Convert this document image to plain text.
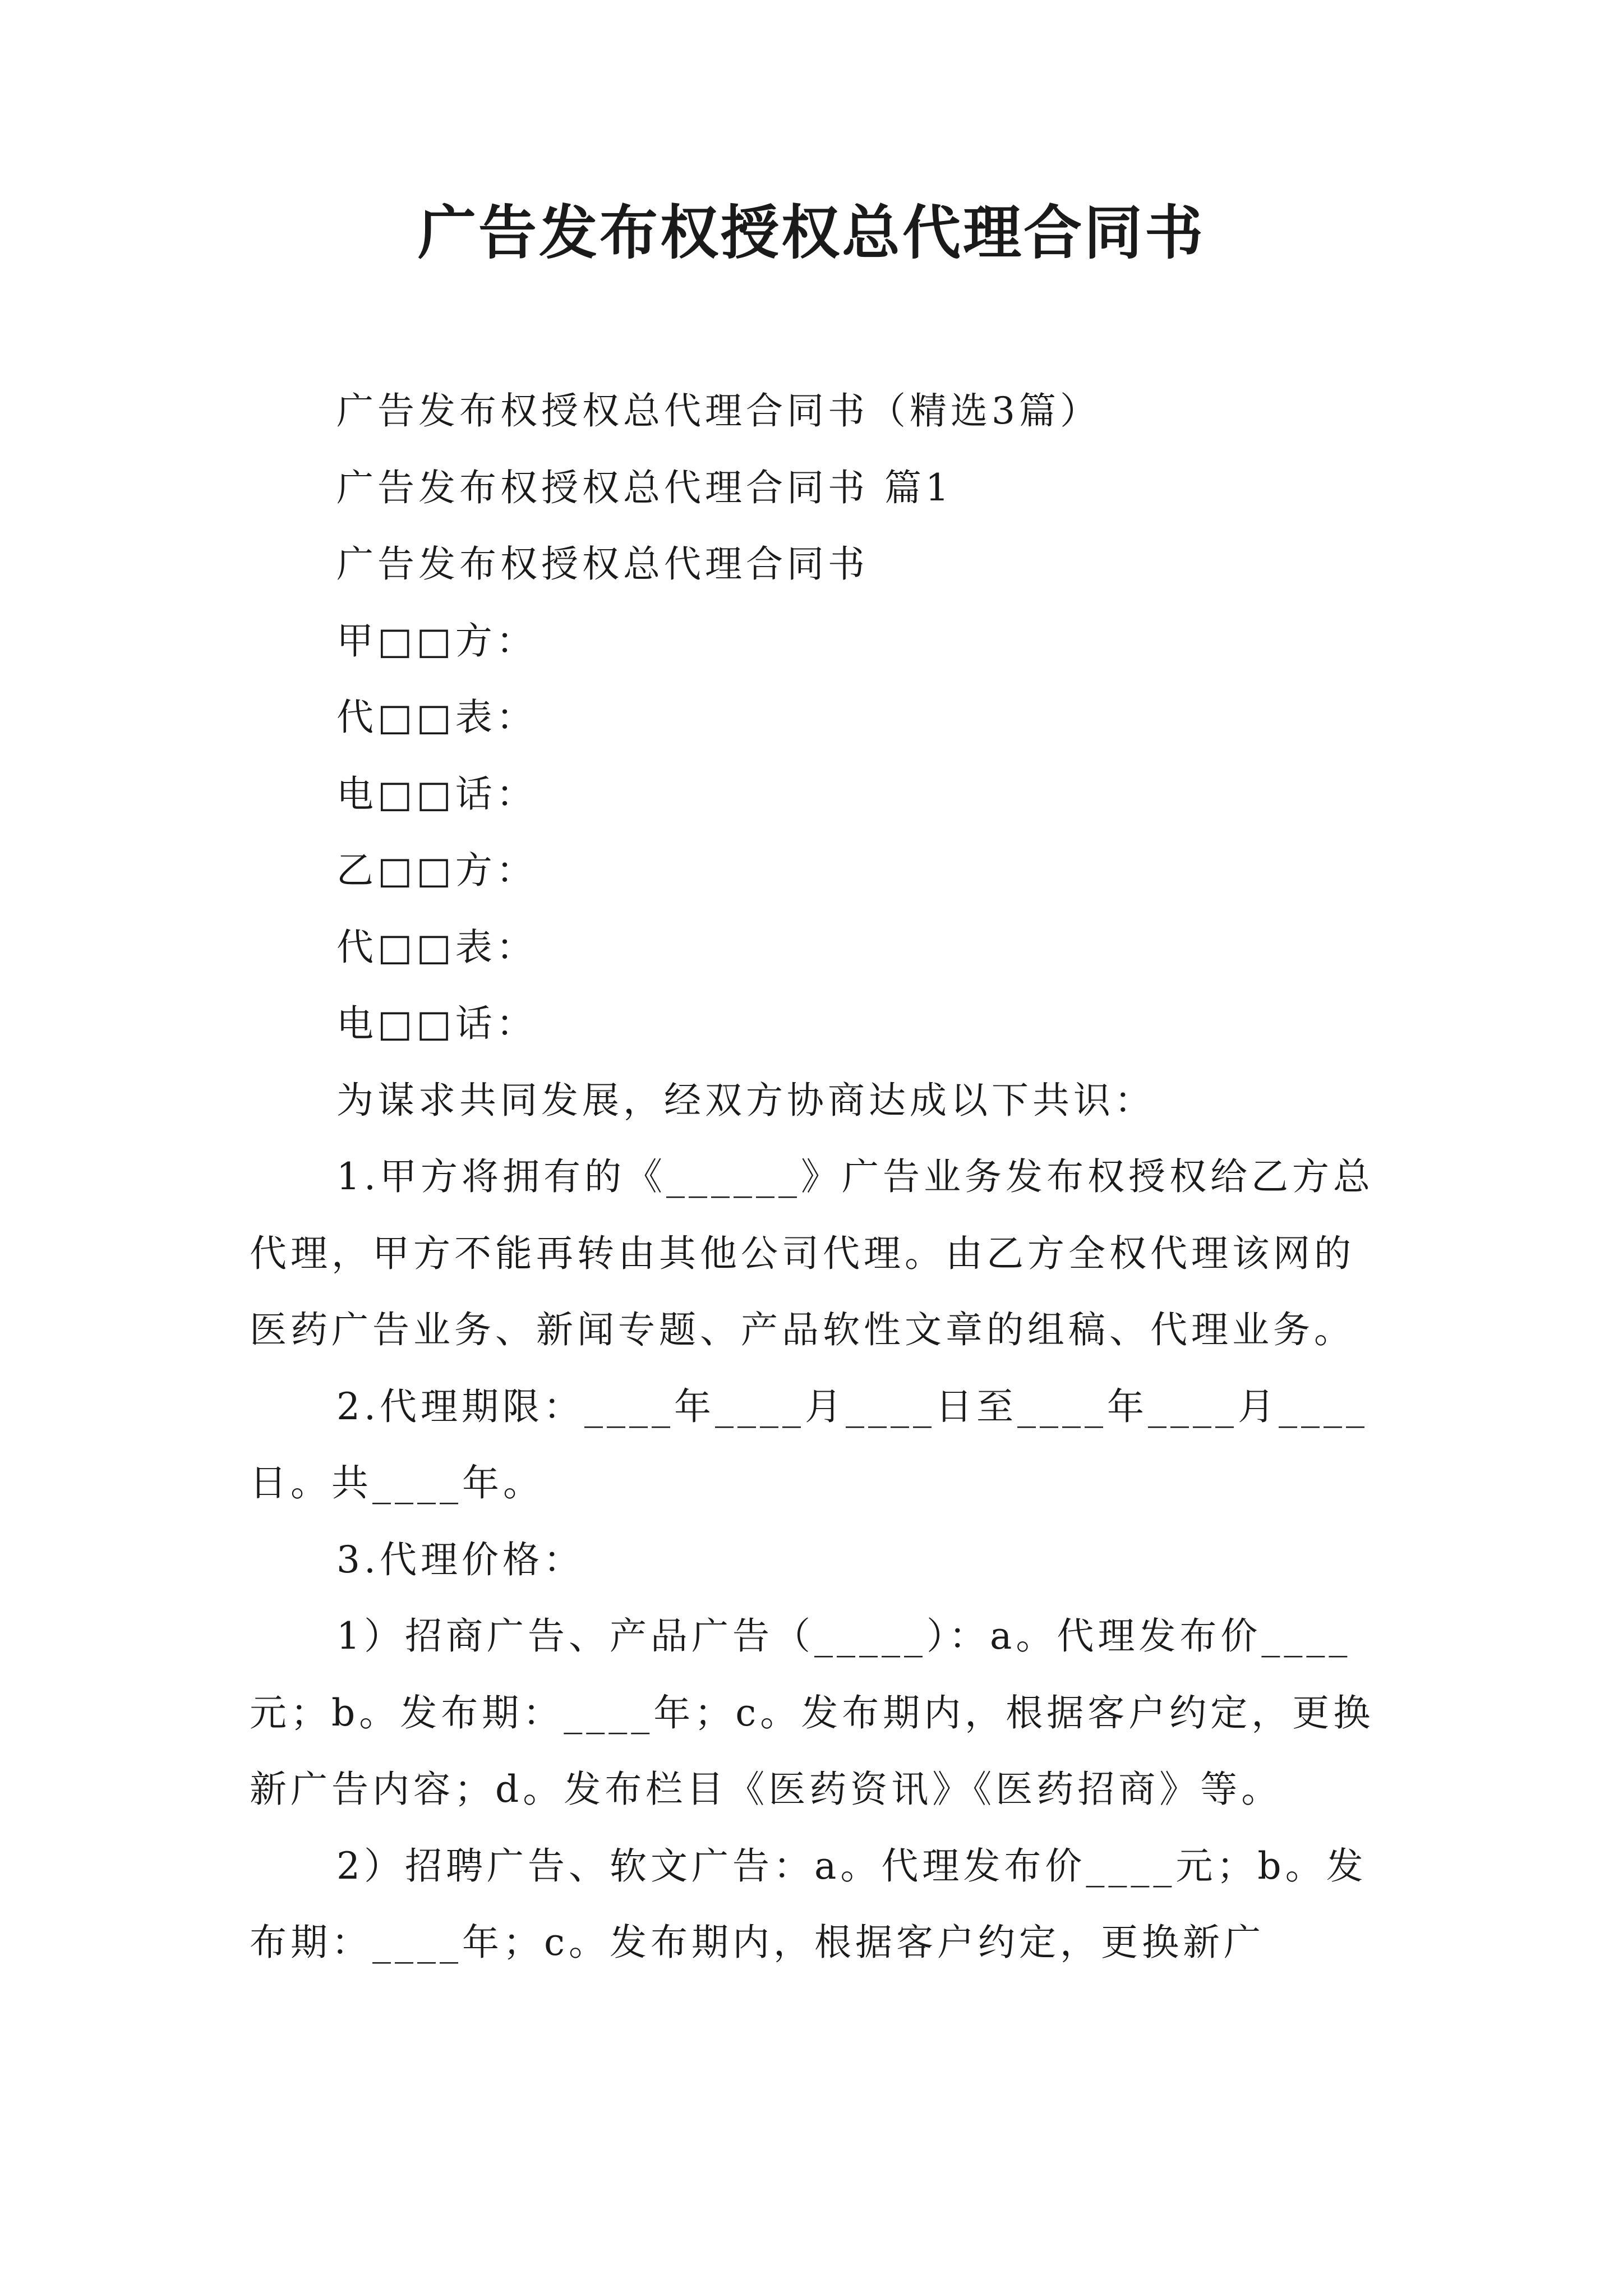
广告发布权授权总代理合同书

广告发布权授权总代理合同书（精选3篇）

广告发布权授权总代理合同书 篇1

广告发布权授权总代理合同书

甲□□方：

代□□表：

电□□话：

乙□□方：

代□□表：

电□□话：

为谋求共同发展，经双方协商达成以下共识：

1.甲方将拥有的《______》广告业务发布权授权给乙方总代理，甲方不能再转由其他公司代理。由乙方全权代理该网的医药广告业务、新闻专题、产品软性文章的组稿、代理业务。

2.代理期限：____年____月____日至____年____月____日。共____年。

3.代理价格：

1）招商广告、产品广告（_____）：a。代理发布价____元；b。发布期：____年；c。发布期内，根据客户约定，更换新广告内容；d。发布栏目《医药资讯》《医药招商》等。

2）招聘广告、软文广告：a。代理发布价____元；b。发布期：____年；c。发布期内，根据客户约定，更换新广
